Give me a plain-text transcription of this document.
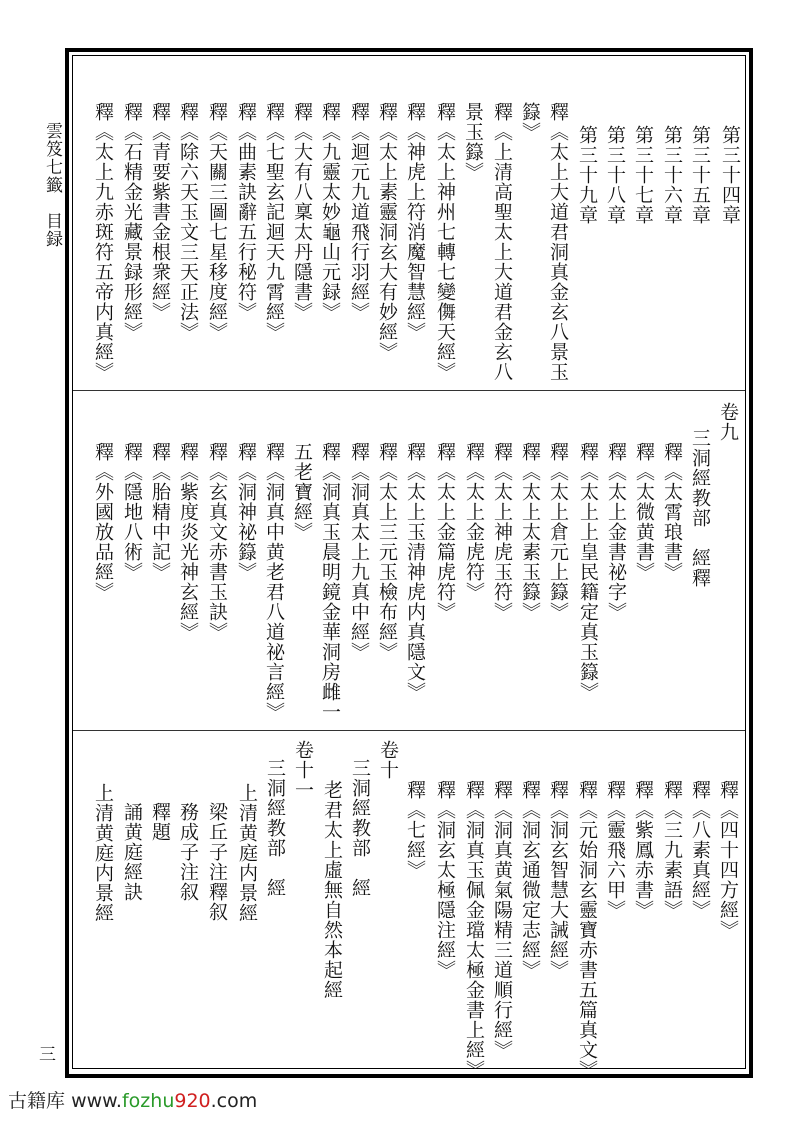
雲笈七籤　目録
三
古籍库 www.fozhu920.com
第三十四章
第三十五章
第三十六章
第三十七章
第三十八章
第三十九章
釋《太上大道君洞真金玄八景玉
籙》
釋《上清高聖太上大道君金玄八
景玉籙》
釋《太上神州七轉七變儛天經》
釋《神虎上符消魔智慧經》
釋《太上素靈洞玄大有妙經》
釋《迴元九道飛行羽經》
釋《九靈太妙龜山元録》
釋《大有八稟太丹隱書》
釋《七聖玄記迴天九霄經》
釋《曲素訣辭五行秘符》
釋《天關三圖七星移度經》
釋《除六天玉文三天正法》
釋《青要紫書金根衆經》
釋《石精金光藏景録形經》
釋《太上九赤斑符五帝内真經》
卷九
三洞經教部　經釋
釋《太霄琅書》
釋《太微黄書》
釋《太上金書祕字》
釋《太上上皇民籍定真玉籙》
釋《太上倉元上籙》
釋《太上太素玉籙》
釋《太上神虎玉符》
釋《太上金虎符》
釋《太上金篇虎符》
釋《太上玉清神虎内真隱文》
釋《太上三元玉檢布經》
釋《洞真太上九真中經》
釋《洞真玉晨明鏡金華洞房雌一
五老寶經》
釋《洞真中黄老君八道祕言經》
釋《洞神祕籙》
釋《玄真文赤書玉訣》
釋《紫度炎光神玄經》
釋《胎精中記》
釋《隱地八術》
釋《外國放品經》
釋《四十四方經》
釋《八素真經》
釋《三九素語》
釋《紫鳳赤書》
釋《靈飛六甲》
釋《元始洞玄靈寶赤書五篇真文》
釋《洞玄智慧大誡經》
釋《洞玄通微定志經》
釋《洞真黄氣陽精三道順行經》
釋《洞真玉佩金璫太極金書上經》
釋《洞玄太極隱注經》
釋《七經》
卷十
三洞經教部　經
老君太上虛無自然本起經
卷十一
三洞經教部　經
上清黄庭内景經
梁丘子注釋叙
務成子注叙
釋題
誦黄庭經訣
上清黄庭内景經
